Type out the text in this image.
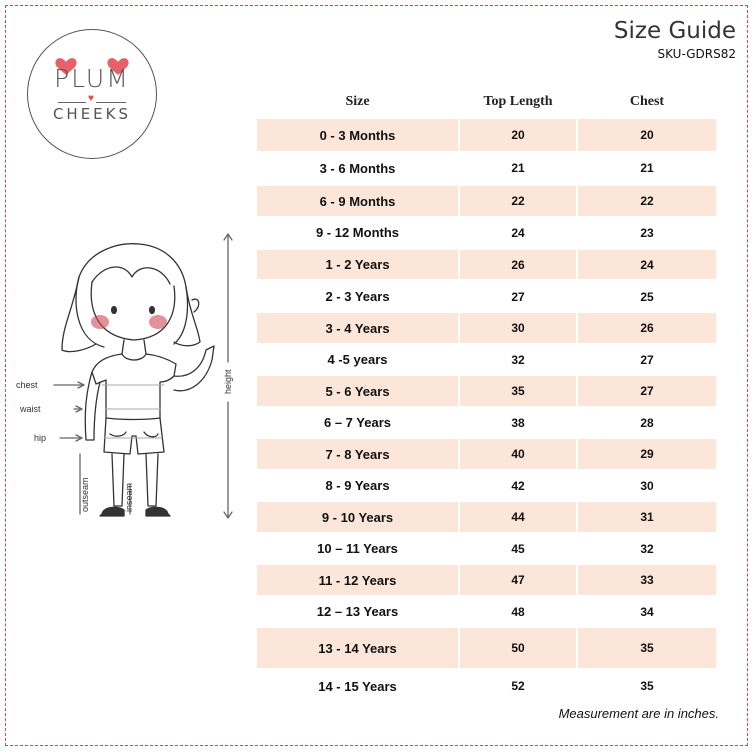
Size Guide
SKU-GDRS82
PLUM
♥
CHEEKS
Size	Top Length	Chest
0 - 3 Months	20	20
3 - 6 Months	21	21
6 - 9 Months	22	22
9 - 12 Months	24	23
1 - 2 Years	26	24
2 - 3 Years	27	25
3 - 4 Years	30	26
4 -5 years	32	27
5 - 6 Years	35	27
6 – 7 Years	38	28
7 - 8 Years	40	29
8 - 9 Years	42	30
9 - 10 Years	44	31
10 – 11 Years	45	32
11 - 12 Years	47	33
12 – 13 Years	48	34
13 - 14 Years	50	35
14 - 15 Years	52	35
chest
waist
hip
height
outseam	inseam
Measurement are in inches.
